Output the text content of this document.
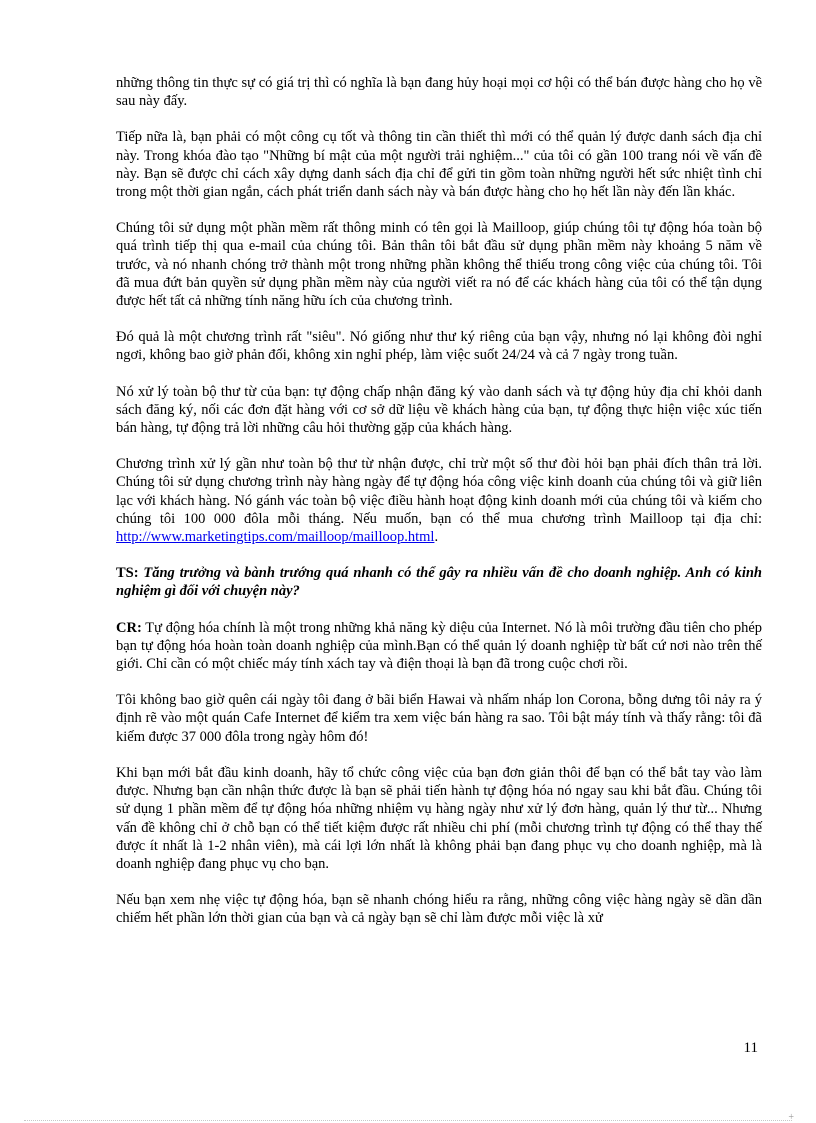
những thông tin thực sự có giá trị thì có nghĩa là bạn đang hủy hoại mọi cơ hội có thể bán được hàng cho họ về sau này đấy.

Tiếp nữa là, bạn phải có một công cụ tốt và thông tin cần thiết thì mới có thể quản lý được danh sách địa chỉ này. Trong khóa đào tạo "Những bí mật của một người trải nghiệm..." của tôi có gần 100 trang nói về vấn đề này. Bạn sẽ được chỉ cách xây dựng danh sách địa chỉ để gửi tin gồm toàn những người hết sức nhiệt tình chỉ trong một thời gian ngắn, cách phát triển danh sách này và bán được hàng cho họ hết lần này đến lần khác.

Chúng tôi sử dụng một phần mềm rất thông minh có tên gọi là Mailloop, giúp chúng tôi tự động hóa toàn bộ quá trình tiếp thị qua e-mail của chúng tôi. Bản thân tôi bắt đầu sử dụng phần mềm này khoảng 5 năm về trước, và nó nhanh chóng trở thành một trong những phần không thể thiếu trong công việc của chúng tôi. Tôi đã mua đứt bản quyền sử dụng phần mềm này của người viết ra nó để các khách hàng của tôi có thể tận dụng được hết tất cả những tính năng hữu ích của chương trình.

Đó quả là một chương trình rất "siêu". Nó giống như thư ký riêng của bạn vậy, nhưng nó lại không đòi nghỉ ngơi, không bao giờ phản đối, không xin nghỉ phép, làm việc suốt 24/24 và cả 7 ngày trong tuần.

Nó xử lý toàn bộ thư từ của bạn: tự động chấp nhận đăng ký vào danh sách và tự động hủy địa chỉ khỏi danh sách đăng ký, nối các đơn đặt hàng với cơ sở dữ liệu về khách hàng của bạn, tự động thực hiện việc xúc tiến bán hàng, tự động trả lời những câu hỏi thường gặp của khách hàng.

Chương trình xử lý gần như toàn bộ thư từ nhận được, chỉ trừ một số thư đòi hỏi bạn phải đích thân trả lời. Chúng tôi sử dụng chương trình này hàng ngày để tự động hóa công việc kinh doanh của chúng tôi và giữ liên lạc với khách hàng. Nó gánh vác toàn bộ việc điều hành hoạt động kinh doanh mới của chúng tôi và kiếm cho chúng tôi 100 000 đôla mỗi tháng. Nếu muốn, bạn có thể mua chương trình Mailloop tại địa chỉ: http://www.marketingtips.com/mailloop/mailloop.html.

TS: Tăng trưởng và bành trướng quá nhanh có thể gây ra nhiều vấn đề cho doanh nghiệp. Anh có kinh nghiệm gì đối với chuyện này?

CR: Tự động hóa chính là một trong những khả năng kỳ diệu của Internet. Nó là môi trường đầu tiên cho phép bạn tự động hóa hoàn toàn doanh nghiệp của mình.Bạn có thể quản lý doanh nghiệp từ bất cứ nơi nào trên thế giới. Chỉ cần có một chiếc máy tính xách tay và điện thoại là bạn đã trong cuộc chơi rồi.

Tôi không bao giờ quên cái ngày tôi đang ở bãi biển Hawai và nhấm nháp lon Corona, bỗng dưng tôi nảy ra ý định rẽ vào một quán Cafe Internet để kiểm tra xem việc bán hàng ra sao. Tôi bật máy tính và thấy rằng: tôi đã kiếm được 37 000 đôla trong ngày hôm đó!

Khi bạn mới bắt đầu kinh doanh, hãy tổ chức công việc của bạn đơn giản thôi để bạn có thể bắt tay vào làm được. Nhưng bạn cần nhận thức được là bạn sẽ phải tiến hành tự động hóa nó ngay sau khi bắt đầu. Chúng tôi sử dụng 1 phần mềm để tự động hóa những nhiệm vụ hàng ngày như xử lý đơn hàng, quản lý thư từ... Nhưng vấn đề không chỉ ở chỗ bạn có thể tiết kiệm được rất nhiều chi phí (mỗi chương trình tự động có thể thay thế được ít nhất là 1-2 nhân viên), mà cái lợi lớn nhất là không phải bạn đang phục vụ cho doanh nghiệp, mà là doanh nghiệp đang phục vụ cho bạn.

Nếu bạn xem nhẹ việc tự động hóa, bạn sẽ nhanh chóng hiểu ra rằng, những công việc hàng ngày sẽ dần dần chiếm hết phần lớn thời gian của bạn và cả ngày bạn sẽ chỉ làm được mỗi việc là xử

11
+
